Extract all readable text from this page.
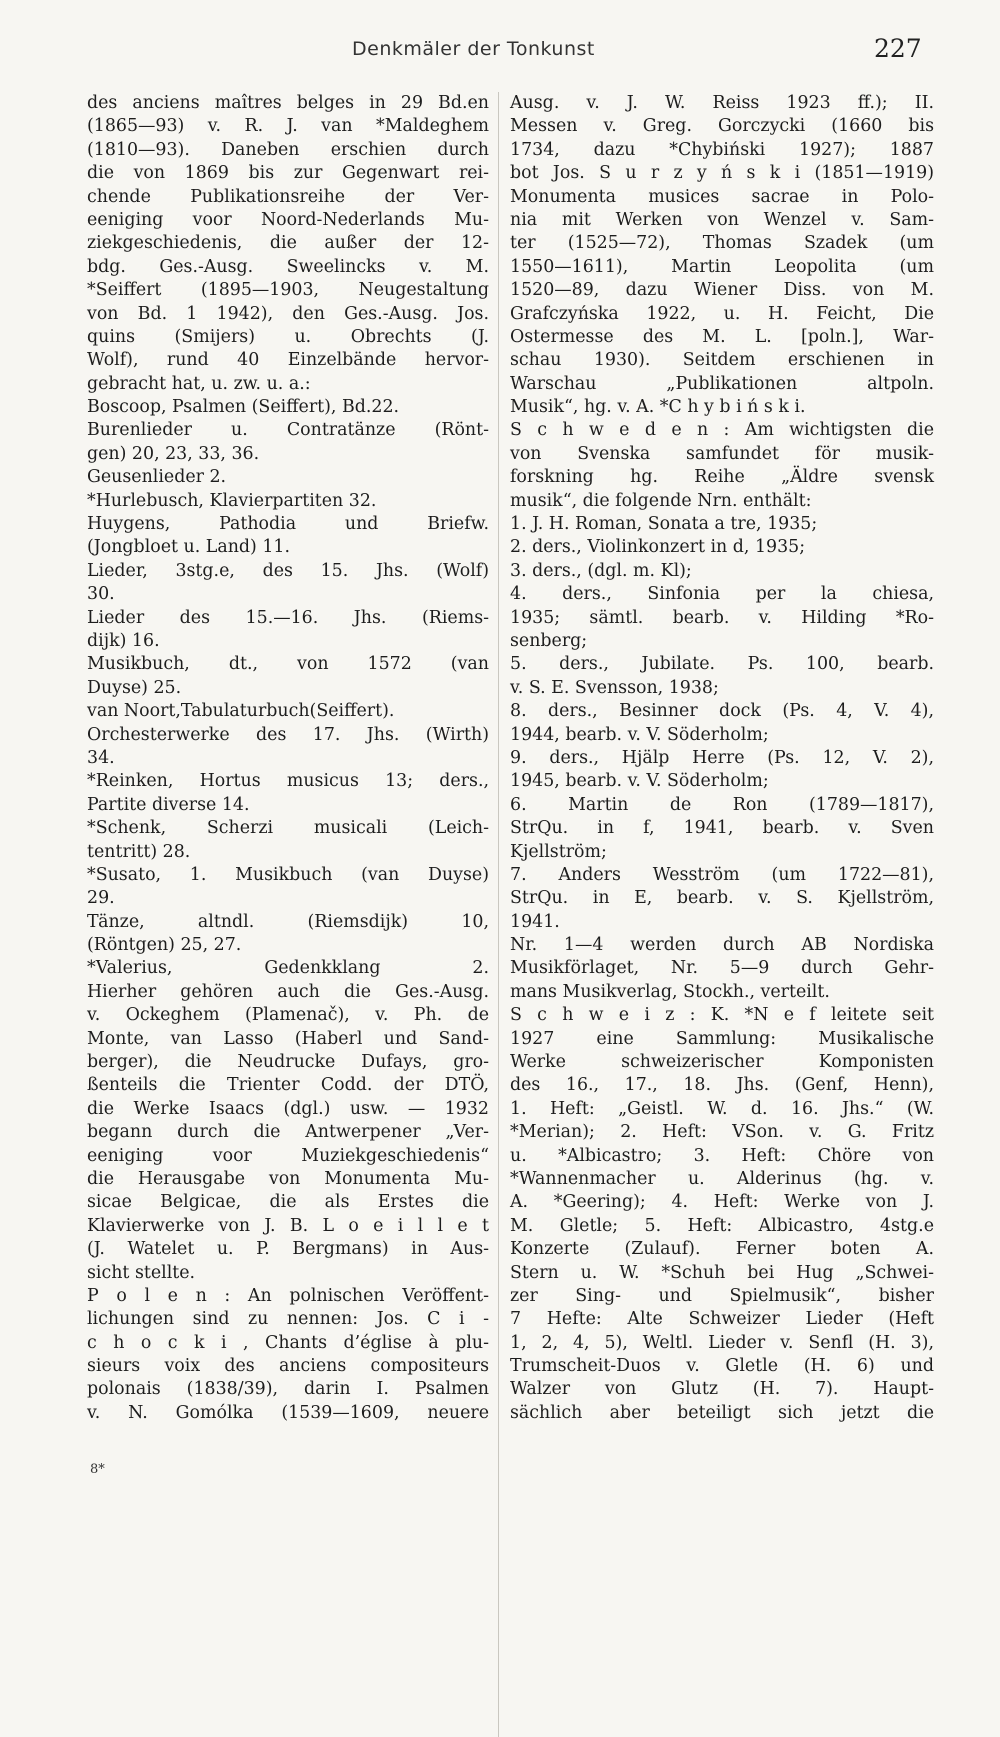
Denkmäler der Tonkunst	227
des anciens maîtres belges in 29 Bd.en
(1865—93) v. R. J. van *Maldeghem
(1810—93). Daneben erschien durch
die von 1869 bis zur Gegenwart rei-
chende Publikationsreihe der Ver-
eeniging voor Noord-Nederlands Mu-
ziekgeschiedenis, die außer der 12-
bdg. Ges.-Ausg. Sweelincks v. M.
*Seiffert (1895—1903, Neugestaltung
von Bd. 1 1942), den Ges.-Ausg. Jos.
quins (Smijers) u. Obrechts (J.
Wolf), rund 40 Einzelbände hervor-
gebracht hat, u. zw. u. a.:
Boscoop, Psalmen (Seiffert), Bd.22.
Burenlieder u. Contratänze (Rönt-
gen) 20, 23, 33, 36.
Geusenlieder 2.
*Hurlebusch, Klavierpartiten 32.
Huygens, Pathodia und Briefw.
(Jongbloet u. Land) 11.
Lieder, 3stg.e, des 15. Jhs. (Wolf)
30.
Lieder des 15.—16. Jhs. (Riems-
dijk) 16.
Musikbuch, dt., von 1572 (van
Duyse) 25.
van Noort,Tabulaturbuch(Seiffert).
Orchesterwerke des 17. Jhs. (Wirth)
34.
*Reinken, Hortus musicus 13; ders.,
Partite diverse 14.
*Schenk, Scherzi musicali (Leich-
tentritt) 28.
*Susato, 1. Musikbuch (van Duyse)
29.
Tänze, altndl. (Riemsdijk) 10,
(Röntgen) 25, 27.
*Valerius, Gedenkklang 2.
Hierher gehören auch die Ges.-Ausg.
v. Ockeghem (Plamenač), v. Ph. de
Monte, van Lasso (Haberl und Sand-
berger), die Neudrucke Dufays, gro-
ßenteils die Trienter Codd. der DTÖ,
die Werke Isaacs (dgl.) usw. — 1932
begann durch die Antwerpener „Ver-
eeniging voor Muziekgeschiedenis“
die Herausgabe von Monumenta Mu-
sicae Belgicae, die als Erstes die
Klavierwerke von J. B. L o e i l l e t
(J. Watelet u. P. Bergmans) in Aus-
sicht stellte.
P o l e n : An polnischen Veröffent-
lichungen sind zu nennen: Jos. C i -
c h o c k i , Chants d’église à plu-
sieurs voix des anciens compositeurs
polonais (1838/39), darin I. Psalmen
v. N. Gomólka (1539—1609, neuere
Ausg. v. J. W. Reiss 1923 ff.); II.
Messen v. Greg. Gorczycki (1660 bis
1734, dazu *Chybiński 1927); 1887
bot Jos. S u r z y ń s k i (1851—1919)
Monumenta musices sacrae in Polo-
nia mit Werken von Wenzel v. Sam-
ter (1525—72), Thomas Szadek (um
1550—1611), Martin Leopolita (um
1520—89, dazu Wiener Diss. von M.
Grafczyńska 1922, u. H. Feicht, Die
Ostermesse des M. L. [poln.], War-
schau 1930). Seitdem erschienen in
Warschau „Publikationen altpoln.
Musik“, hg. v. A. *C h y b i ń s k i.
S c h w e d e n : Am wichtigsten die
von Svenska samfundet för musik-
forskning hg. Reihe „Äldre svensk
musik“, die folgende Nrn. enthält:
1. J. H. Roman, Sonata a tre, 1935;
2. ders., Violinkonzert in d, 1935;
3. ders., (dgl. m. Kl);
4. ders., Sinfonia per la chiesa,
1935; sämtl. bearb. v. Hilding *Ro-
senberg;
5. ders., Jubilate. Ps. 100, bearb.
v. S. E. Svensson, 1938;
8. ders., Besinner dock (Ps. 4, V. 4),
1944, bearb. v. V. Söderholm;
9. ders., Hjälp Herre (Ps. 12, V. 2),
1945, bearb. v. V. Söderholm;
6. Martin de Ron (1789—1817),
StrQu. in f, 1941, bearb. v. Sven
Kjellström;
7. Anders Wesström (um 1722—81),
StrQu. in E, bearb. v. S. Kjellström,
1941.
Nr. 1—4 werden durch AB Nordiska
Musikförlaget, Nr. 5—9 durch Gehr-
mans Musikverlag, Stockh., verteilt.
S c h w e i z : K. *N e f leitete seit
1927 eine Sammlung: Musikalische
Werke schweizerischer Komponisten
des 16., 17., 18. Jhs. (Genf, Henn),
1. Heft: „Geistl. W. d. 16. Jhs.“ (W.
*Merian); 2. Heft: VSon. v. G. Fritz
u. *Albicastro; 3. Heft: Chöre von
*Wannenmacher u. Alderinus (hg. v.
A. *Geering); 4. Heft: Werke von J.
M. Gletle; 5. Heft: Albicastro, 4stg.e
Konzerte (Zulauf). Ferner boten A.
Stern u. W. *Schuh bei Hug „Schwei-
zer Sing- und Spielmusik“, bisher
7 Hefte: Alte Schweizer Lieder (Heft
1, 2, 4, 5), Weltl. Lieder v. Senfl (H. 3),
Trumscheit-Duos v. Gletle (H. 6) und
Walzer von Glutz (H. 7). Haupt-
sächlich aber beteiligt sich jetzt die
8*
